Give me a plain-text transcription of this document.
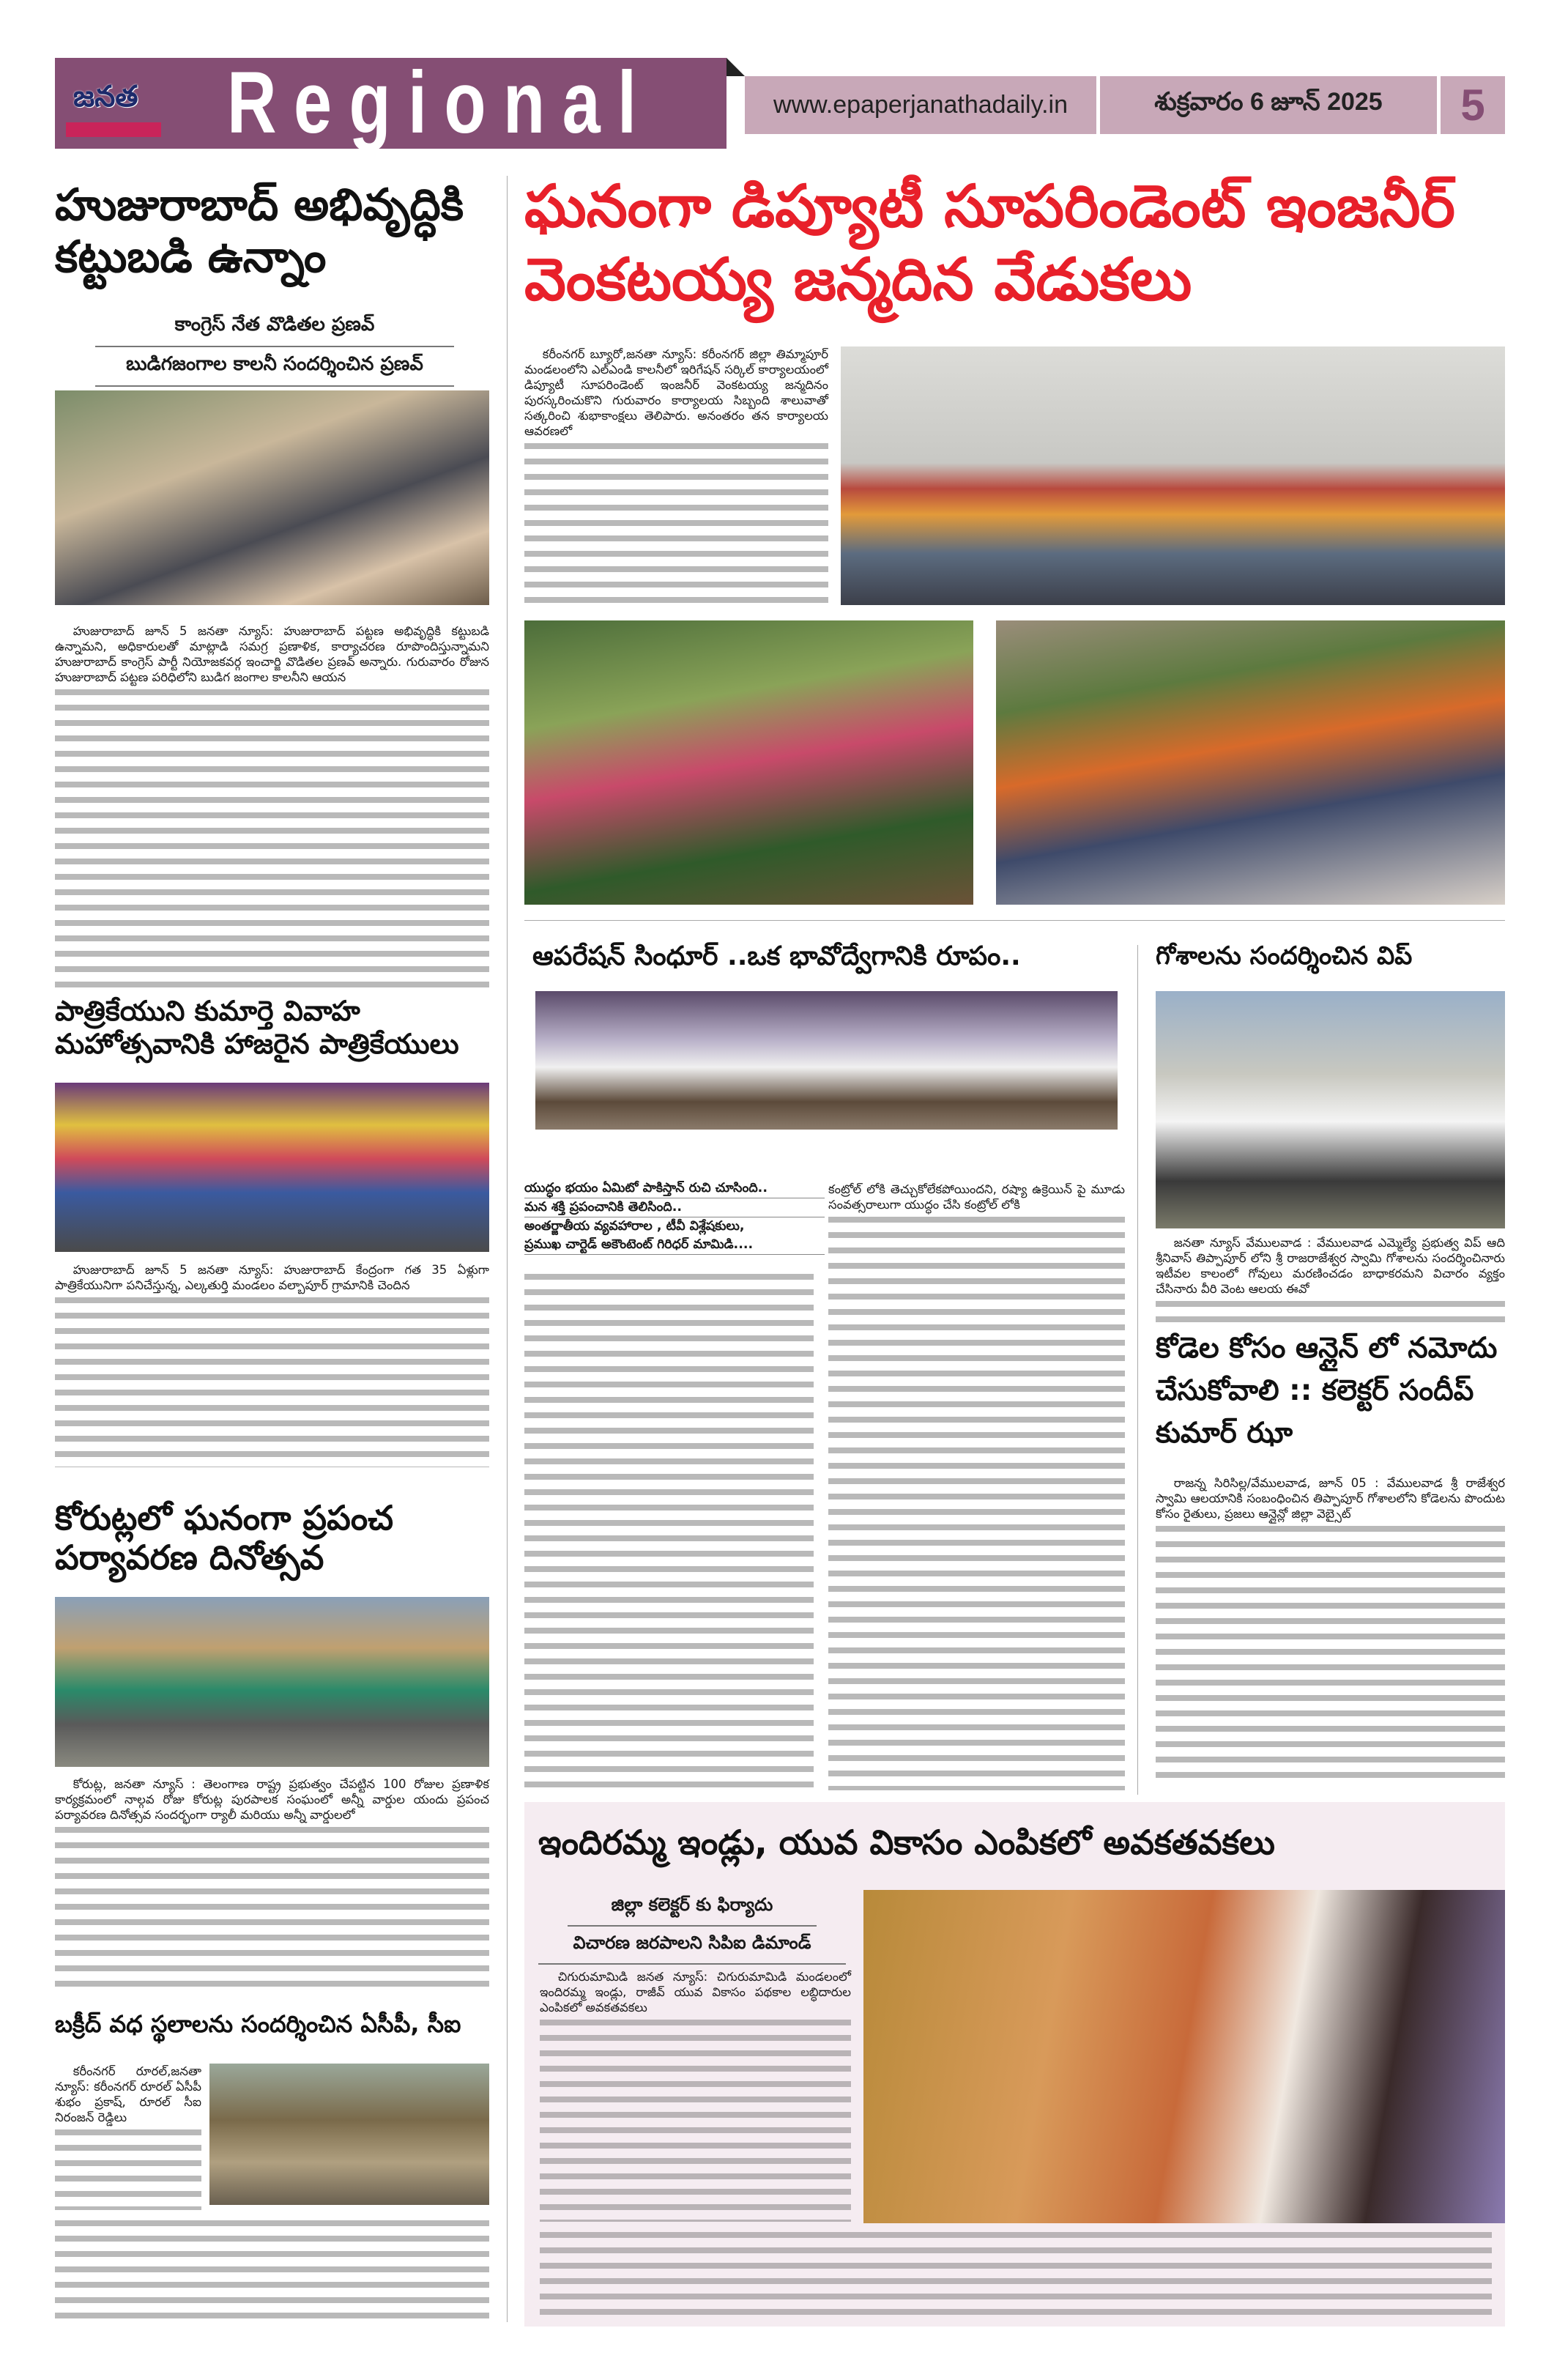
జనత Regional	www.epaperjanathadaily.in	శుక్రవారం 6 జూన్ 2025	5
హుజురాబాద్ అభివృద్ధికి కట్టుబడి ఉన్నాం
కాంగ్రెస్ నేత వొడితల ప్రణవ్
బుడిగజంగాల కాలనీ సందర్శించిన ప్రణవ్
హుజురాబాద్ జూన్ 5 జనతా న్యూస్: హుజురాబాద్ పట్టణ అభివృద్ధికి కట్టుబడి ఉన్నామని, అధికారులతో మాట్లాడి సమగ్ర ప్రణాళిక, కార్యాచరణ రూపొందిస్తున్నామని హుజురాబాద్ కాంగ్రెస్ పార్టీ నియోజకవర్గ ఇంచార్జి వొడితల ప్రణవ్ అన్నారు. గురువారం రోజున హుజురాబాద్ పట్టణ పరిధిలోని బుడిగ జంగాల కాలనీని ఆయన
పాత్రికేయుని కుమార్తె వివాహ మహోత్సవానికి హాజరైన పాత్రికేయులు
హుజురాబాద్ జూన్ 5 జనతా న్యూస్: హుజురాబాద్ కేంద్రంగా గత 35 ఏళ్లుగా పాత్రికేయునిగా పనిచేస్తున్న, ఎల్కతుర్తి మండలం వల్బాపూర్ గ్రామానికి చెందిన
కోరుట్లలో ఘనంగా ప్రపంచ పర్యావరణ దినోత్సవ
కోరుట్ల, జనతా న్యూస్ : తెలంగాణ రాష్ట్ర ప్రభుత్వం చేపట్టిన 100 రోజుల ప్రణాళిక కార్యక్రమంలో నాల్గవ రోజు కోరుట్ల పురపాలక సంఘంలో అన్నీ వార్డుల యందు ప్రపంచ పర్యావరణ దినోత్సవ సందర్భంగా ర్యాలీ మరియు అన్నీ వార్డులలో
బక్రీద్ వధ స్థలాలను సందర్శించిన ఏసీపీ, సీఐ
కరీంనగర్ రూరల్,జనతా న్యూస్: కరీంనగర్ రూరల్ ఏసీపీ శుభం ప్రకాష్, రూరల్ సీఐ నిరంజన్ రెడ్డిలు
ఘనంగా డిప్యూటీ సూపరిండెంట్ ఇంజనీర్ వెంకటయ్య జన్మదిన వేడుకలు
కరీంనగర్ బ్యూరో,జనతా న్యూస్: కరీంనగర్ జిల్లా తిమ్మాపూర్ మండలంలోని ఎల్ఎండి కాలనీలో ఇరిగేషన్ సర్కిల్ కార్యాలయంలో డిప్యూటీ సూపరిండెంట్ ఇంజనీర్ వెంకటయ్య జన్మదినం పురస్కరించుకొని గురువారం కార్యాలయ సిబ్బంది శాలువాతో సత్కరించి శుభాకాంక్షలు తెలిపారు. అనంతరం తన కార్యాలయ ఆవరణలో
ఆపరేషన్ సింధూర్ ..ఒక భావోద్వేగానికి రూపం..
యుద్ధం భయం ఏమిటో పాకిస్తాన్ రుచి చూసింది..
మన శక్తి ప్రపంచానికి తెలిసింది..
అంతర్జాతీయ వ్యవహారాల , టీవీ విశ్లేషకులు,
ప్రముఖ చార్టెడ్ అకౌంటెంట్ గిరిధర్ మామిడి....
కంట్రోల్ లోకి తెచ్చుకోలేకపోయిందని, రష్యా ఉక్రెయిన్ పై మూడు సంవత్సరాలుగా యుద్ధం చేసి కంట్రోల్ లోకి
గోశాలను సందర్శించిన విప్
జనతా న్యూస్ వేములవాడ : వేములవాడ ఎమ్మెల్యే ప్రభుత్వ విప్ ఆది శ్రీనివాస్ తిప్పాపూర్ లోని శ్రీ రాజరాజేశ్వర స్వామి గోశాలను సందర్శించినారు ఇటీవల కాలంలో గోవులు మరణించడం బాధాకరమని విచారం వ్యక్తం చేసినారు వీరి వెంట ఆలయ ఈవో
కోడెల కోసం ఆన్లైన్ లో నమోదు చేసుకోవాలి :: కలెక్టర్ సందీప్ కుమార్ ఝా
రాజన్న సిరిసిల్ల/వేములవాడ, జూన్ 05 : వేములవాడ శ్రీ రాజేశ్వర స్వామి ఆలయానికి సంబంధించిన తిప్పాపూర్ గోశాలలోని కోడెలను పొందుట కోసం రైతులు, ప్రజలు ఆన్లైన్లో జిల్లా వెబ్సైట్
ఇందిరమ్మ ఇండ్లు, యువ వికాసం ఎంపికలో అవకతవకలు
జిల్లా కలెక్టర్ కు ఫిర్యాదు
విచారణ జరపాలని సిపిఐ డిమాండ్
చిగురుమామిడి జనత న్యూస్: చిగురుమామిడి మండలంలో ఇందిరమ్మ ఇండ్లు, రాజీవ్ యువ వికాసం పథకాల లబ్ధిదారుల ఎంపికలో అవకతవకలు
